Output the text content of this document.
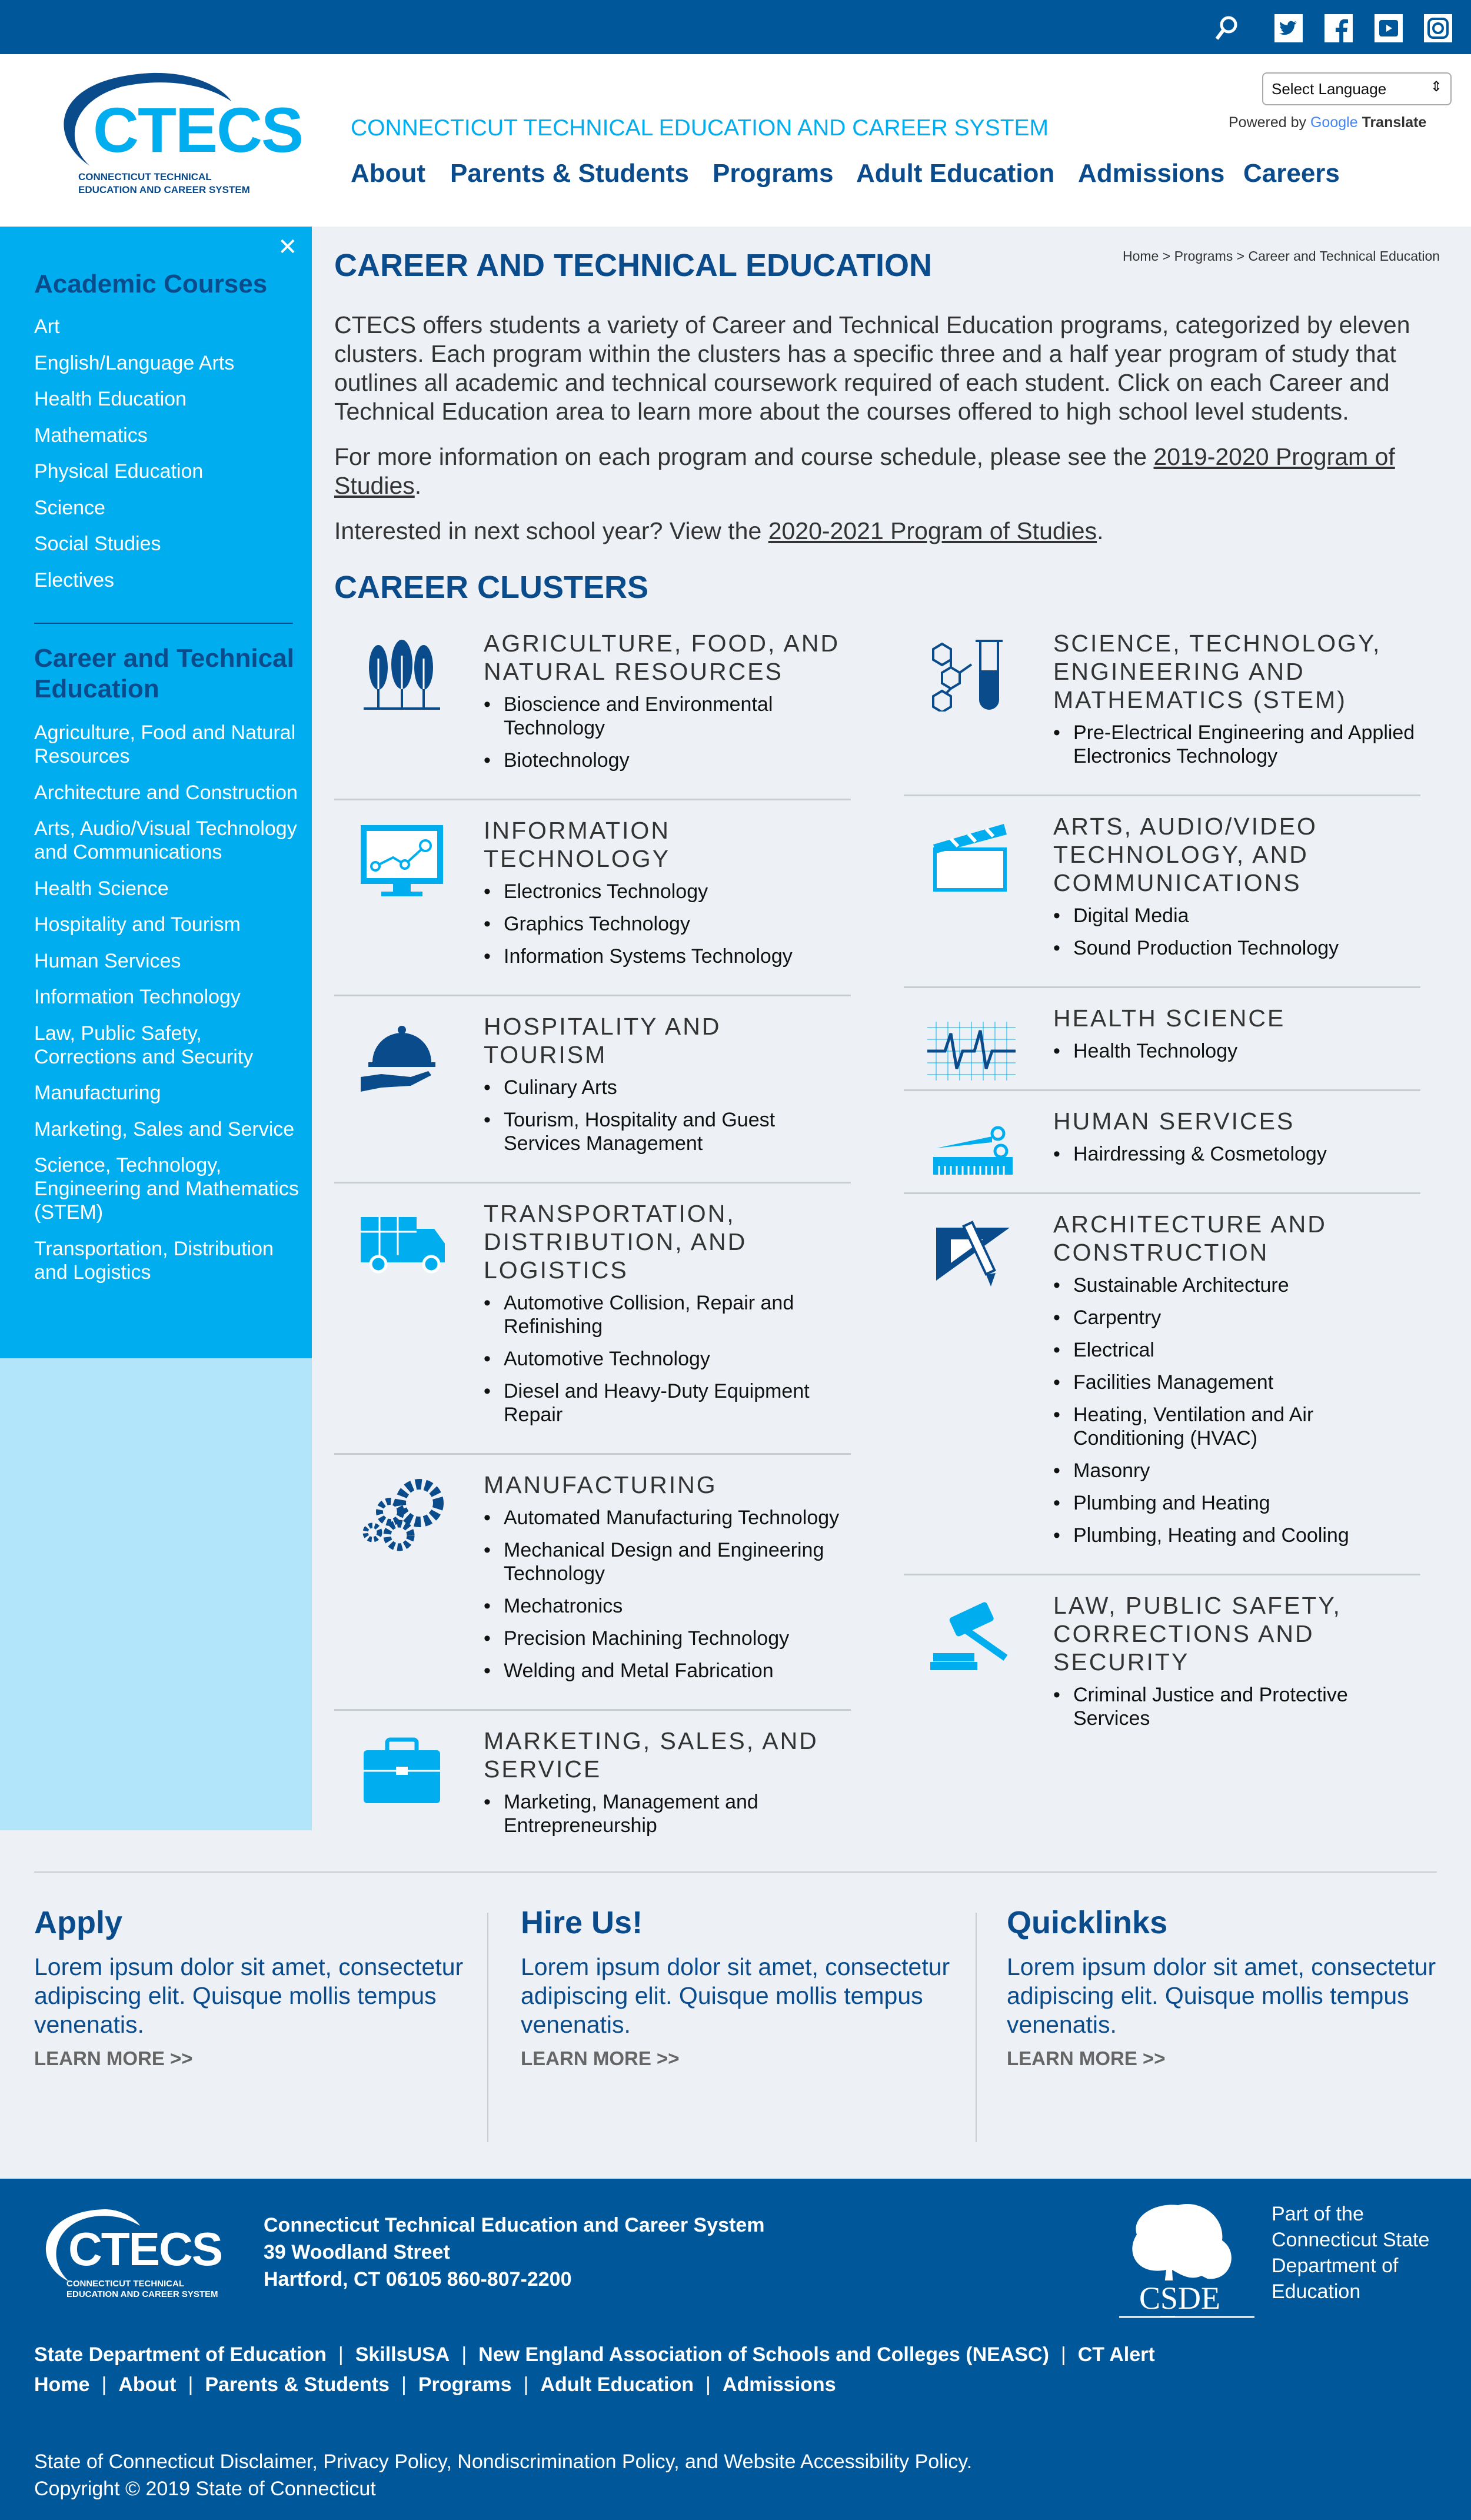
CTECS
CONNECTICUT TECHNICAL EDUCATION AND CAREER SYSTEM
CONNECTICUT TECHNICAL EDUCATION AND CAREER SYSTEM
About Parents & Students Programs Adult Education Admissions Careers
Select Language	⇕
Powered by Google Translate
✕
Academic Courses
Art
English/Language Arts
Health Education
Mathematics
Physical Education
Science
Social Studies
Electives
Career and Technical Education
Agriculture, Food and Natural Resources
Architecture and Construction
Arts, Audio/Visual Technology and Communications
Health Science
Hospitality and Tourism
Human Services
Information Technology
Law, Public Safety, Corrections and Security
Manufacturing
Marketing, Sales and Service
Science, Technology, Engineering and Mathematics (STEM)
Transportation, Distribution and Logistics
CAREER AND TECHNICAL EDUCATION	Home > Programs > Career and Technical Education

CTECS offers students a variety of Career and Technical Education programs, categorized by eleven clusters. Each program within the clusters has a specific three and a half year program of study that outlines all academic and technical coursework required of each student. Click on each Career and Technical Education area to learn more about the courses offered to high school level students.

For more information on each program and course schedule, please see the 2019-2020 Program of Studies.

Interested in next school year? View the 2020-2021 Program of Studies.

CAREER CLUSTERS
AGRICULTURE, FOOD, AND NATURAL RESOURCES
• Bioscience and Environmental Technology
• Biotechnology
INFORMATION TECHNOLOGY
• Electronics Technology
• Graphics Technology
• Information Systems Technology
HOSPITALITY AND TOURISM
• Culinary Arts
• Tourism, Hospitality and Guest Services Management
TRANSPORTATION, DISTRIBUTION, AND LOGISTICS
• Automotive Collision, Repair and Refinishing
• Automotive Technology
• Diesel and Heavy-Duty Equipment Repair
MANUFACTURING
• Automated Manufacturing Technology
• Mechanical Design and Engineering Technology
• Mechatronics
• Precision Machining Technology
• Welding and Metal Fabrication
MARKETING, SALES, AND SERVICE
• Marketing, Management and Entrepreneurship
SCIENCE, TECHNOLOGY, ENGINEERING AND MATHEMATICS (STEM)
• Pre-Electrical Engineering and Applied Electronics Technology
ARTS, AUDIO/VIDEO TECHNOLOGY, AND COMMUNICATIONS
• Digital Media
• Sound Production Technology
HEALTH SCIENCE
• Health Technology
HUMAN SERVICES
• Hairdressing & Cosmetology
ARCHITECTURE AND CONSTRUCTION
• Sustainable Architecture
• Carpentry
• Electrical
• Facilities Management
• Heating, Ventilation and Air Conditioning (HVAC)
• Masonry
• Plumbing and Heating
• Plumbing, Heating and Cooling
LAW, PUBLIC SAFETY, CORRECTIONS AND SECURITY
• Criminal Justice and Protective Services
Apply

Lorem ipsum dolor sit amet, consectetur adipiscing elit. Quisque mollis tempus venenatis.

LEARN MORE >>
Hire Us!

Lorem ipsum dolor sit amet, consectetur adipiscing elit. Quisque mollis tempus venenatis.

LEARN MORE >>
Quicklinks

Lorem ipsum dolor sit amet, consectetur adipiscing elit. Quisque mollis tempus venenatis.

LEARN MORE >>
CTECS
CONNECTICUT TECHNICAL EDUCATION AND CAREER SYSTEM
Connecticut Technical Education and Career System
39 Woodland Street
Hartford, CT 06105 860-807-2200
CSDE
Part of the
Connecticut State
Department of
Education
State Department of Education | SkillsUSA | New England Association of Schools and Colleges (NEASC) | CT Alert
Home | About | Parents & Students | Programs | Adult Education | Admissions
State of Connecticut Disclaimer, Privacy Policy, Nondiscrimination Policy, and Website Accessibility Policy.
Copyright © 2019 State of Connecticut
